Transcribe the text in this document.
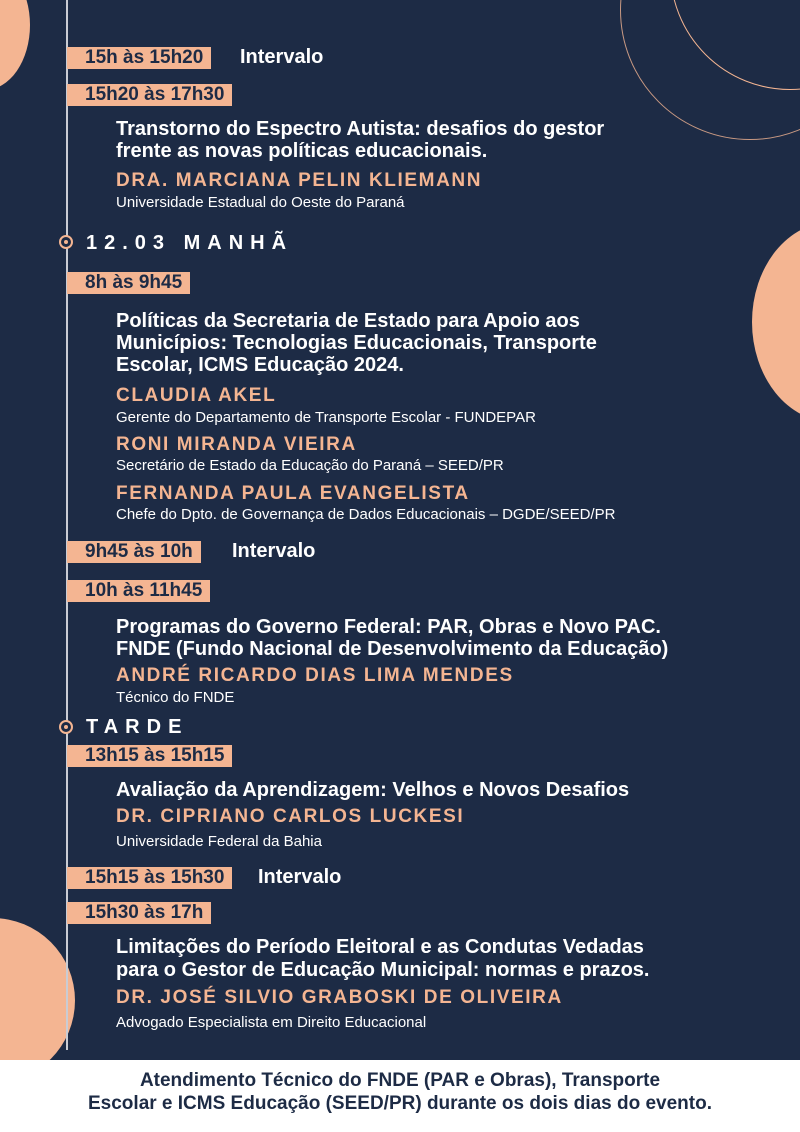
15h às 15h20	Intervalo
15h20 às 17h30
Transtorno do Espectro Autista: desafios do gestor
frente as novas políticas educacionais.
DRA. MARCIANA PELIN KLIEMANN
Universidade Estadual do Oeste do Paraná
12.03 MANHÃ
8h às 9h45
Políticas da Secretaria de Estado para Apoio aos
Municípios: Tecnologias Educacionais, Transporte
Escolar, ICMS Educação 2024.
CLAUDIA AKEL
Gerente do Departamento de Transporte Escolar - FUNDEPAR
RONI MIRANDA VIEIRA
Secretário de Estado da Educação do Paraná – SEED/PR
FERNANDA PAULA EVANGELISTA
Chefe do Dpto. de Governança de Dados Educacionais – DGDE/SEED/PR
9h45 às 10h	Intervalo
10h às 11h45
Programas do Governo Federal: PAR, Obras e Novo PAC.
FNDE (Fundo Nacional de Desenvolvimento da Educação)
ANDRÉ RICARDO DIAS LIMA MENDES
Técnico do FNDE
TARDE
13h15 às 15h15
Avaliação da Aprendizagem: Velhos e Novos Desafios
DR. CIPRIANO CARLOS LUCKESI
Universidade Federal da Bahia
15h15 às 15h30	Intervalo
15h30 às 17h
Limitações do Período Eleitoral e as Condutas Vedadas
para o Gestor de Educação Municipal: normas e prazos.
DR. JOSÉ SILVIO GRABOSKI DE OLIVEIRA
Advogado Especialista em Direito Educacional
Atendimento Técnico do FNDE (PAR e Obras), Transporte
Escolar e ICMS Educação (SEED/PR) durante os dois dias do evento.
